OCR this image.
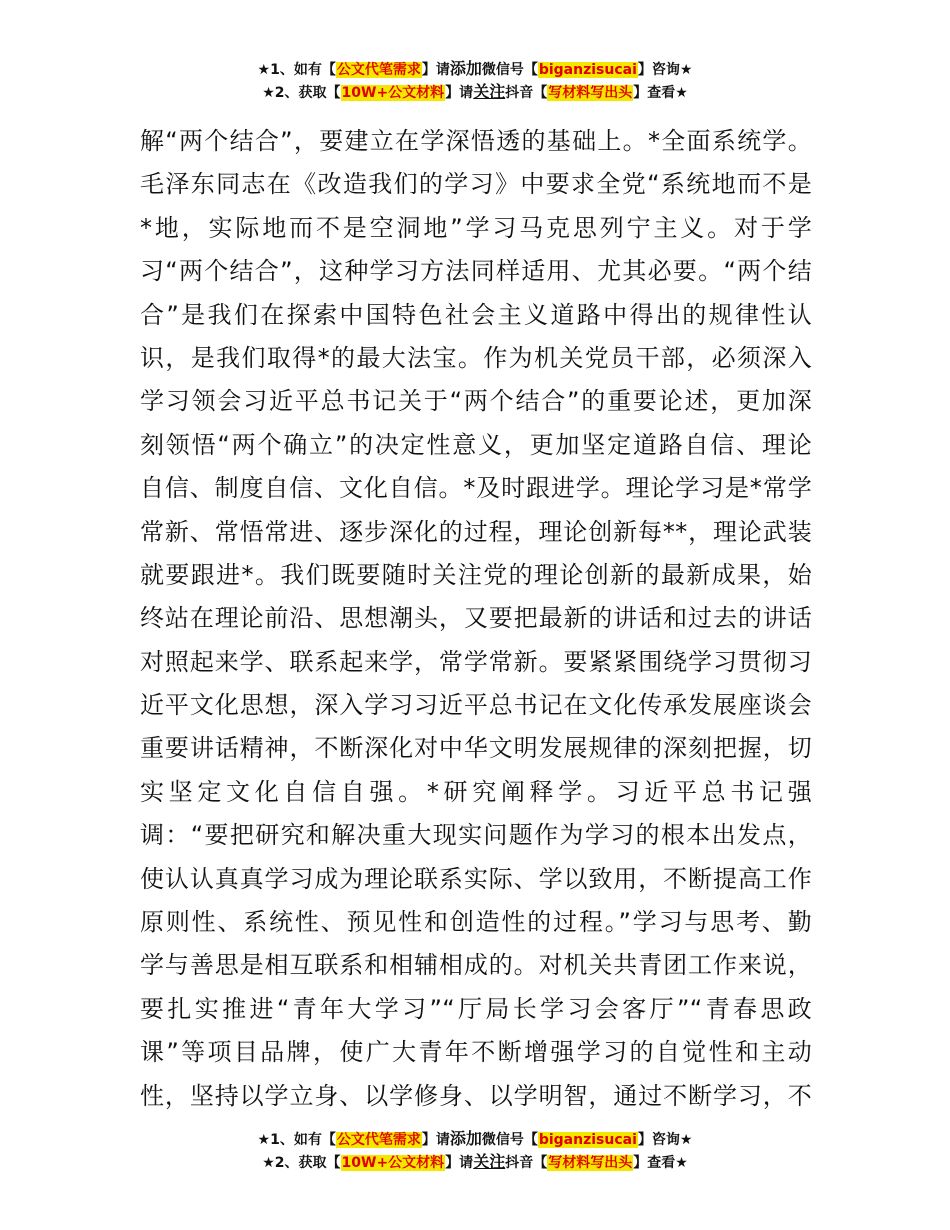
★1、如有【公文代笔需求】请添加微信号【biganzisucai】咨询★
★2、获取【10W+公文材料】请关注抖音【写材料写出头】查看★
解“两个结合”，要建立在学深悟透的基础上。*全面系统学。
毛泽东同志在《改造我们的学习》中要求全党“系统地而不是
*地，实际地而不是空洞地”学习马克思列宁主义。对于学
习“两个结合”，这种学习方法同样适用、尤其必要。“两个结
合”是我们在探索中国特色社会主义道路中得出的规律性认
识，是我们取得*的最大法宝。作为机关党员干部，必须深入
学习领会习近平总书记关于“两个结合”的重要论述，更加深
刻领悟“两个确立”的决定性意义，更加坚定道路自信、理论
自信、制度自信、文化自信。*及时跟进学。理论学习是*常学
常新、常悟常进、逐步深化的过程，理论创新每**，理论武装
就要跟进*。我们既要随时关注党的理论创新的最新成果，始
终站在理论前沿、思想潮头，又要把最新的讲话和过去的讲话
对照起来学、联系起来学，常学常新。要紧紧围绕学习贯彻习
近平文化思想，深入学习习近平总书记在文化传承发展座谈会
重要讲话精神，不断深化对中华文明发展规律的深刻把握，切
实坚定文化自信自强。*研究阐释学。习近平总书记强
调：“要把研究和解决重大现实问题作为学习的根本出发点，
使认认真真学习成为理论联系实际、学以致用，不断提高工作
原则性、系统性、预见性和创造性的过程。”学习与思考、勤
学与善思是相互联系和相辅相成的。对机关共青团工作来说，
要扎实推进“青年大学习”“厅局长学习会客厅”“青春思政
课”等项目品牌，使广大青年不断增强学习的自觉性和主动
性，坚持以学立身、以学修身、以学明智，通过不断学习，不
★1、如有【公文代笔需求】请添加微信号【biganzisucai】咨询★
★2、获取【10W+公文材料】请关注抖音【写材料写出头】查看★
